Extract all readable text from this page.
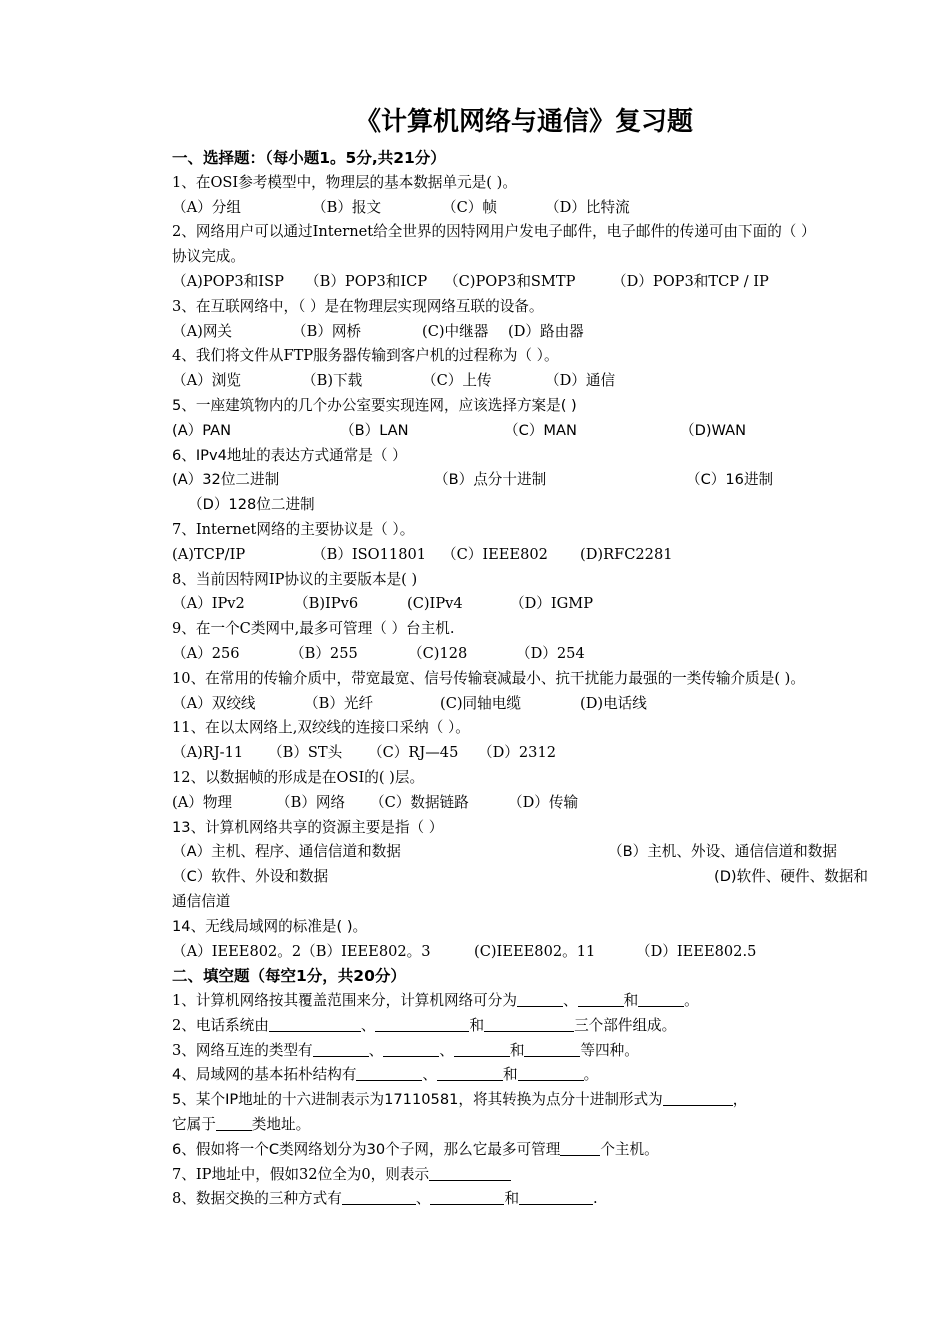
《计算机网络与通信》复习题
一、选择题：（每小题1。5分,共21分）
1、在OSI参考模型中，物理层的基本数据单元是( )。
（A）分组	（B）报文	（C）帧	（D）比特流
2、网络用户可以通过Internet给全世界的因特网用户发电子邮件，电子邮件的传递可由下面的（ ）
协议完成。
（A)POP3和ISP （B）POP3和ICP （C)POP3和SMTP	（D）POP3和TCP / IP
3、在互联网络中，（ ）是在物理层实现网络互联的设备。
（A)网关	（B）网桥	(C)中继器 (D）路由器
4、我们将文件从FTP服务器传输到客户机的过程称为（ ）。
（A）浏览	（B)下载	（C）上传	（D）通信
5、一座建筑物内的几个办公室要实现连网，应该选择方案是( )
(A）PAN	（B）LAN	（C）MAN	（D)WAN
6、IPv4地址的表达方式通常是（ ）
(A）32位二进制	（B）点分十进制	（C）16进制
（D）128位二进制
7、Internet网络的主要协议是（ ）。
(A)TCP/IP	（B）ISO11801 （C）IEEE802 (D)RFC2281
8、当前因特网IP协议的主要版本是( )
（A）IPv2	（B)IPv6	(C)IPv4	（D）IGMP
9、在一个C类网中,最多可管理（ ）台主机.
（A）256	（B）255	（C)128	（D）254
10、在常用的传输介质中，带宽最宽、信号传输衰减最小、抗干扰能力最强的一类传输介质是( )。
（A）双绞线	（B）光纤	(C)同轴电缆	(D)电话线
11、在以太网络上,双绞线的连接口采纳（ ）。
（A)RJ-11 （B）ST头 （C）RJ—45 （D）2312
12、以数据帧的形成是在OSI的( )层。
(A）物理	（B）网络 （C）数据链路	（D）传输
13、计算机网络共享的资源主要是指（ ）
（A）主机、程序、通信信道和数据	（B）主机、外设、通信信道和数据
（C）软件、外设和数据	(D)软件、硬件、数据和
通信信道
14、无线局域网的标准是( )。
（A）IEEE802。2（B）IEEE802。3	(C)IEEE802。11	（D）IEEE802.5
二、填空题（每空1分，共20分）
1、计算机网络按其覆盖范围来分，计算机网络可分为	、	和	。
2、电话系统由	、	和	三个部件组成。
3、网络互连的类型有	、	、	和	等四种。
4、局域网的基本拓朴结构有	、	和	。
5、某个IP地址的十六进制表示为17110581，将其转换为点分十进制形式为	，
它属于 类地址。
6、假如将一个C类网络划分为30个子网，那么它最多可管理	个主机。
7、IP地址中，假如32位全为0，则表示
8、数据交换的三种方式有	、	和	.
